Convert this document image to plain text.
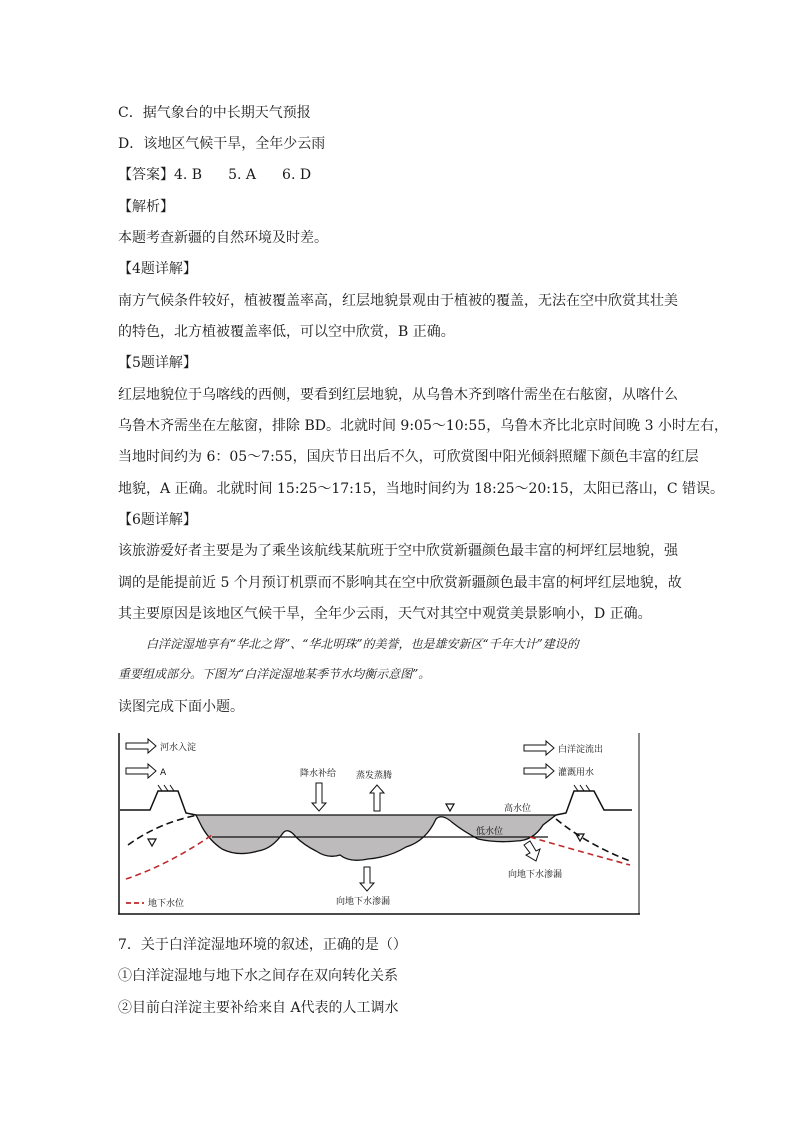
C．据气象台的中长期天气预报
D．该地区气候干旱，全年少云雨
【答案】4. B 5. A 6. D
【解析】
本题考查新疆的自然环境及时差。
【4题详解】
南方气候条件较好，植被覆盖率高，红层地貌景观由于植被的覆盖，无法在空中欣赏其壮美
的特色，北方植被覆盖率低，可以空中欣赏，B 正确。
【5题详解】
红层地貌位于乌喀线的西侧，要看到红层地貌，从乌鲁木齐到喀什需坐在右舷窗，从喀什么
乌鲁木齐需坐在左舷窗，排除 BD。北就时间 9:05～10:55，乌鲁木齐比北京时间晚 3 小时左右，
当地时间约为 6：05～7:55，国庆节日出后不久，可欣赏图中阳光倾斜照耀下颜色丰富的红层
地貌，A 正确。北就时间 15:25～17:15，当地时间约为 18:25～20:15，太阳已落山，C 错误。
【6题详解】
该旅游爱好者主要是为了乘坐该航线某航班于空中欣赏新疆颜色最丰富的柯坪红层地貌，强
调的是能提前近 5 个月预订机票而不影响其在空中欣赏新疆颜色最丰富的柯坪红层地貌，故
其主要原因是该地区气候干旱，全年少云雨，天气对其空中观赏美景影响小，D 正确。
白洋淀湿地享有“华北之肾”、“华北明珠”的美誉，也是雄安新区“千年大计”建设的
重要组成部分。下图为“白洋淀湿地某季节水均衡示意图”。
读图完成下面小题。
河水入淀
A
白洋淀流出
灌溉用水
降水补给 蒸发蒸腾
高水位
低水位
向地下水渗漏
向地下水渗漏
地下水位
7．关于白洋淀湿地环境的叙述，正确的是（）
①白洋淀湿地与地下水之间存在双向转化关系
②目前白洋淀主要补给来自 A代表的人工调水
